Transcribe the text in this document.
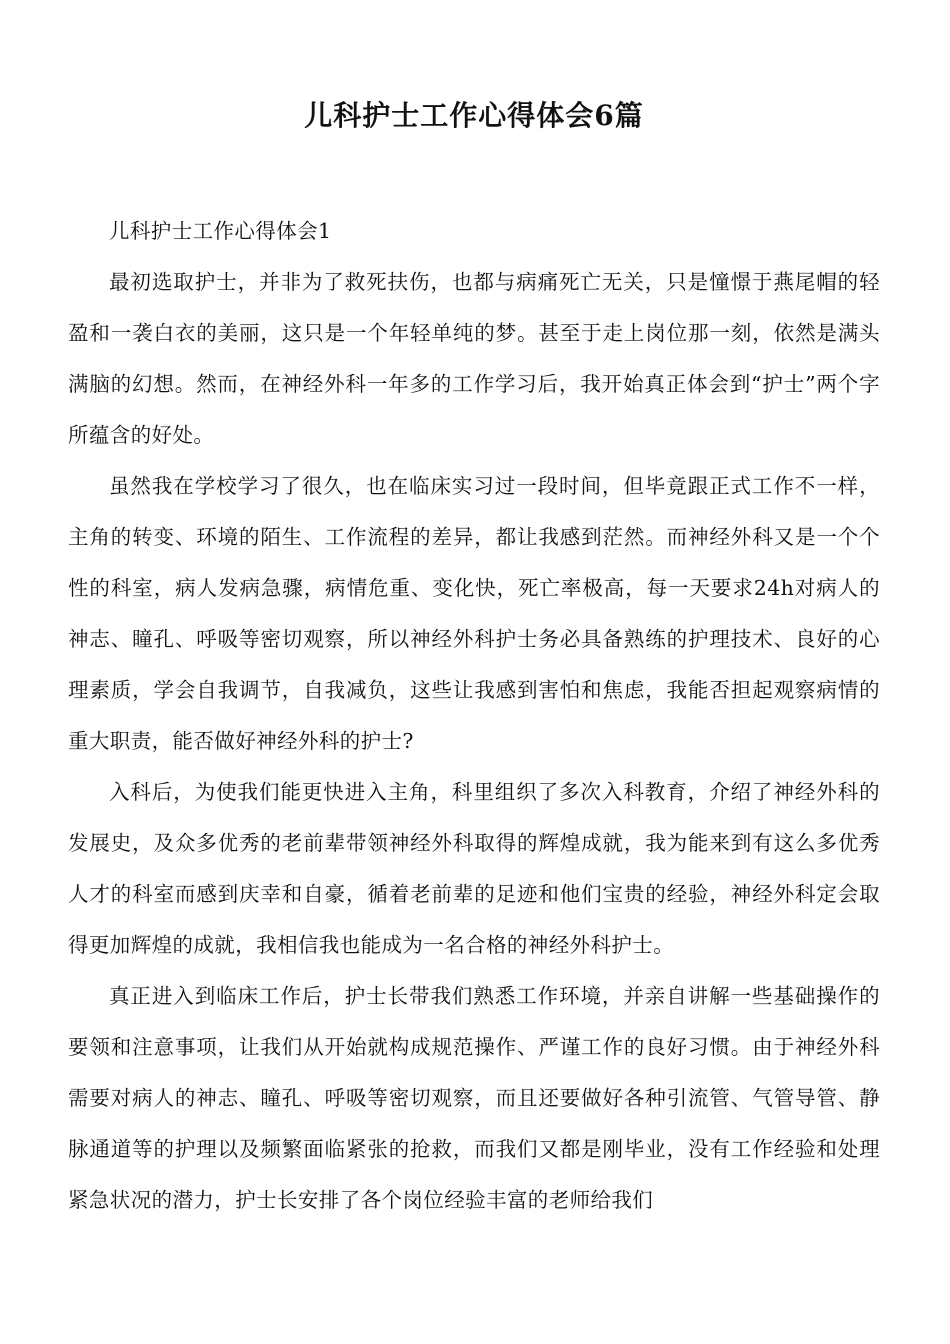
儿科护士工作心得体会6篇

儿科护士工作心得体会1

最初选取护士，并非为了救死扶伤，也都与病痛死亡无关，只是憧憬于燕尾帽的轻盈和一袭白衣的美丽，这只是一个年轻单纯的梦。甚至于走上岗位那一刻，依然是满头满脑的幻想。然而，在神经外科一年多的工作学习后，我开始真正体会到“护士”两个字所蕴含的好处。

虽然我在学校学习了很久，也在临床实习过一段时间，但毕竟跟正式工作不一样，主角的转变、环境的陌生、工作流程的差异，都让我感到茫然。而神经外科又是一个个性的科室，病人发病急骤，病情危重、变化快，死亡率极高，每一天要求24h对病人的神志、瞳孔、呼吸等密切观察，所以神经外科护士务必具备熟练的护理技术、良好的心理素质，学会自我调节，自我减负，这些让我感到害怕和焦虑，我能否担起观察病情的重大职责，能否做好神经外科的护士?

入科后，为使我们能更快进入主角，科里组织了多次入科教育，介绍了神经外科的发展史，及众多优秀的老前辈带领神经外科取得的辉煌成就，我为能来到有这么多优秀人才的科室而感到庆幸和自豪，循着老前辈的足迹和他们宝贵的经验，神经外科定会取得更加辉煌的成就，我相信我也能成为一名合格的神经外科护士。

真正进入到临床工作后，护士长带我们熟悉工作环境，并亲自讲解一些基础操作的要领和注意事项，让我们从开始就构成规范操作、严谨工作的良好习惯。由于神经外科需要对病人的神志、瞳孔、呼吸等密切观察，而且还要做好各种引流管、气管导管、静脉通道等的护理以及频繁面临紧张的抢救，而我们又都是刚毕业，没有工作经验和处理紧急状况的潜力，护士长安排了各个岗位经验丰富的老师给我们
